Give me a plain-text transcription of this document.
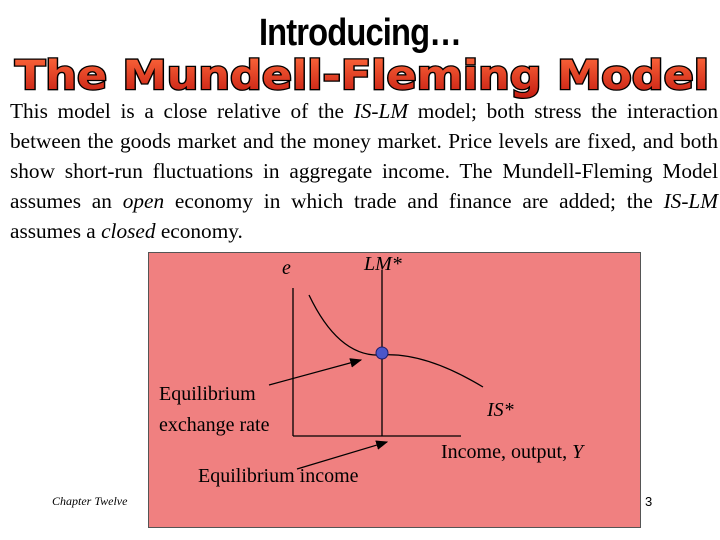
Introducing…
The Mundell-Fleming Model
This model is a close relative of the IS-LM model; both stress the interaction between the goods market and the money market. Price levels are fixed, and both show short-run fluctuations in aggregate income. The Mundell-Fleming Model assumes an open economy in which trade and finance are added; the IS-LM assumes a closed economy.
e	LM*
IS*
Equilibrium
exchange rate
Equilibrium income
Income, output, Y
Chapter Twelve	3
